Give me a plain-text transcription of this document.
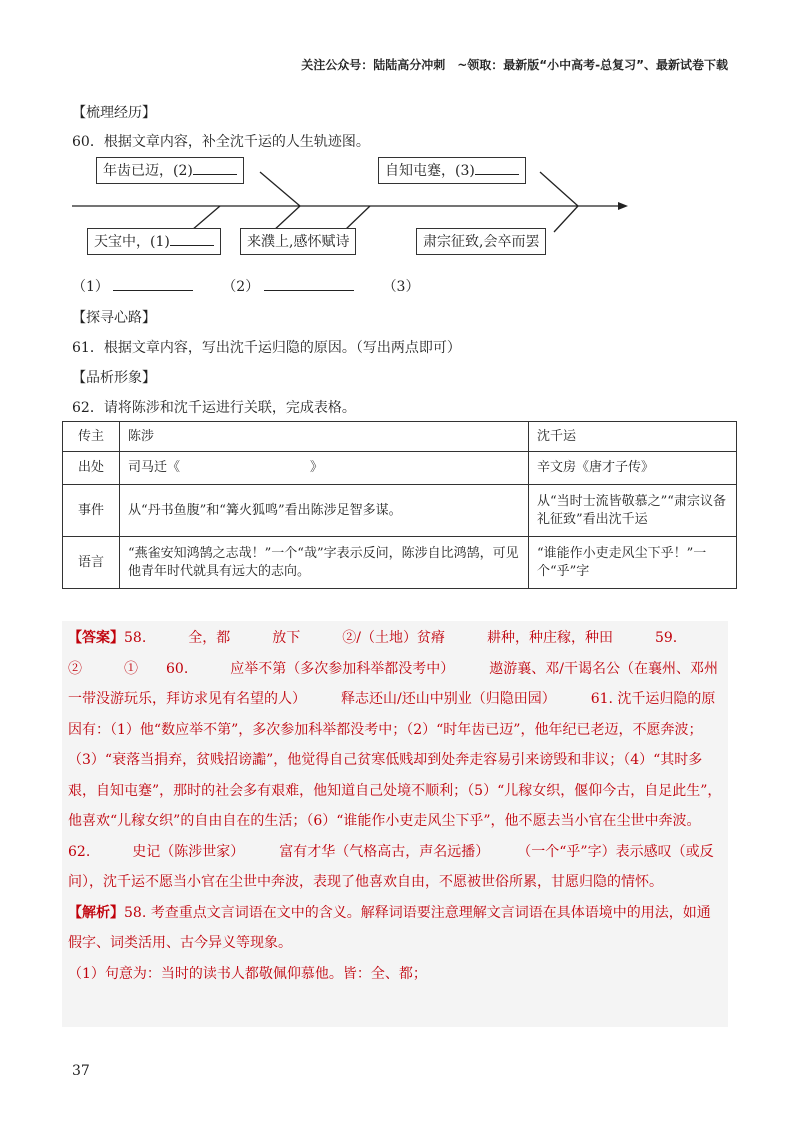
关注公众号：陆陆高分冲刺　~领取：最新版“小中高考-总复习”、最新试卷下载
【梳理经历】
60．根据文章内容，补全沈千运的人生轨迹图。
年齿已迈，(2)	自知屯蹇，(3)
天宝中，(1)	来濮上,感怀赋诗	肃宗征致,会卒而罢
（1）	（2）	（3）
【探寻心路】
61．根据文章内容，写出沈千运归隐的原因。（写出两点即可）
【品析形象】
62．请将陈涉和沈千运进行关联，完成表格。
传主	陈涉	沈千运
出处	司马迁《　　　　　　　　　　》	辛文房《唐才子传》
事件	从“丹书鱼腹”和“篝火狐鸣”看出陈涉足智多谋。	从“当时士流皆敬慕之”“肃宗议备礼征致”看出沈千运
语言	“燕雀安知鸿鹄之志哉！”一个“哉”字表示反问，陈涉自比鸿鹄，可见他青年时代就具有远大的志向。	“谁能作小吏走风尘下乎！”一个“乎”字

【答案】58.　　　全，都　　　放下　　　②/（土地）贫瘠　　　耕种，种庄稼，种田　　　59.　　　②　　　①　　60.　　　应举不第（多次参加科举都没考中）　　　遨游襄、邓/干谒名公（在襄州、邓州一带没游玩乐，拜访求见有名望的人）　　　释志还山/还山中别业（归隐田园）　　　61. 沈千运归隐的原因有：（1）他“数应举不第”，多次参加科举都没考中；（2）“时年齿已迈”，他年纪已老迈，不愿奔波；（3）“衰落当捐弃，贫贱招谤讟”，他觉得自己贫寒低贱却到处奔走容易引来谤毁和非议；（4）“其时多艰，自知屯蹇”，那时的社会多有艰难，他知道自己处境不顺利；（5）“儿稼女织，偃仰今古，自足此生”，他喜欢“儿稼女织”的自由自在的生活；（6）“谁能作小吏走风尘下乎”，他不愿去当小官在尘世中奔波。　　62.　　　史记（陈涉世家）　　　富有才华（气格高古，声名远播）　　　（一个“乎”字）表示感叹（或反问），沈千运不愿当小官在尘世中奔波，表现了他喜欢自由，不愿被世俗所累，甘愿归隐的情怀。

【解析】58. 考查重点文言词语在文中的含义。解释词语要注意理解文言词语在具体语境中的用法，如通假字、词类活用、古今异义等现象。

（1）句意为：当时的读书人都敬佩仰慕他。皆：全、都；

37
